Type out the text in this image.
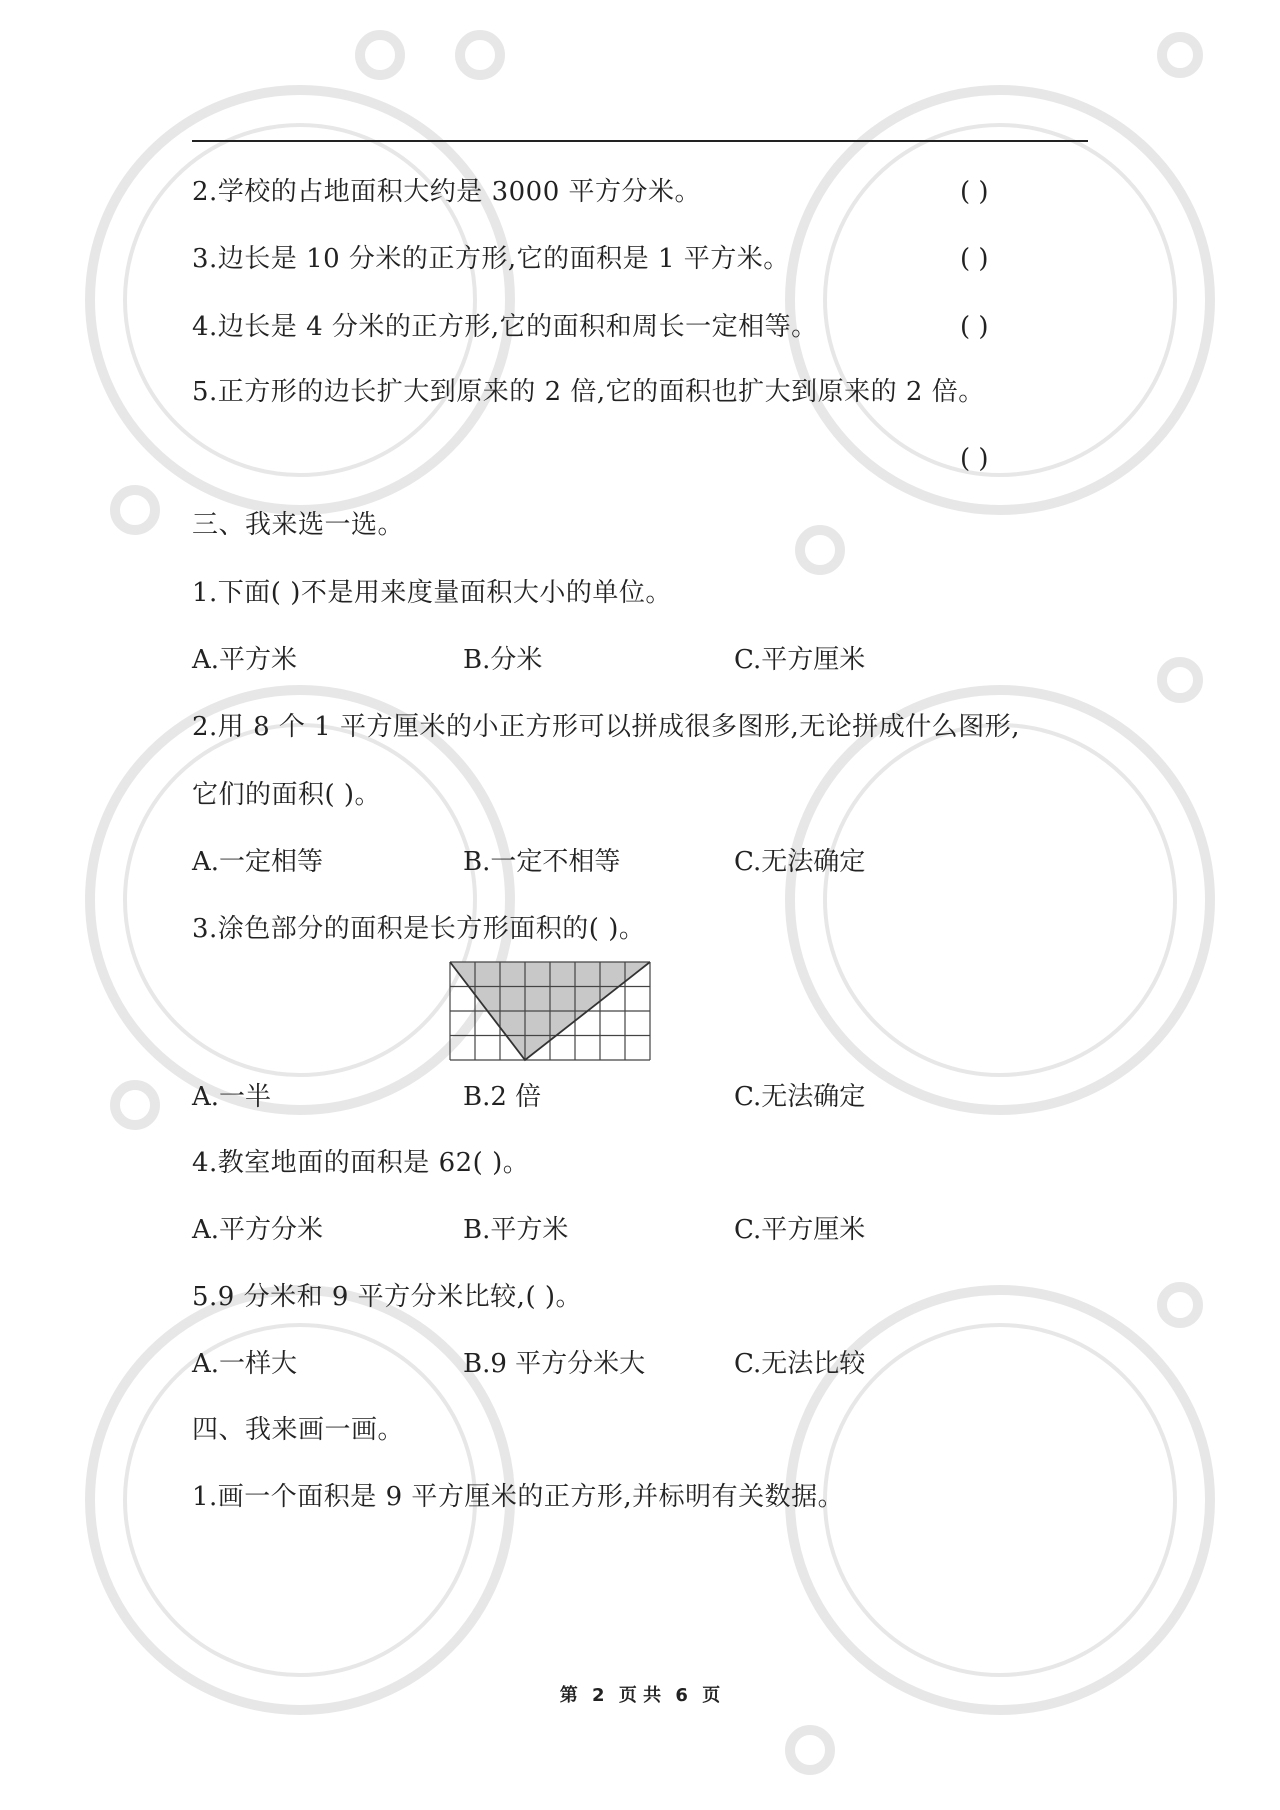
2.学校的占地面积大约是 3000 平方分米。	( )
3.边长是 10 分米的正方形,它的面积是 1 平方米。	( )
4.边长是 4 分米的正方形,它的面积和周长一定相等。	( )
5.正方形的边长扩大到原来的 2 倍,它的面积也扩大到原来的 2 倍。
( )
三、我来选一选。
1.下面( )不是用来度量面积大小的单位。
A.平方米	B.分米	C.平方厘米
2.用 8 个 1 平方厘米的小正方形可以拼成很多图形,无论拼成什么图形,
它们的面积( )。
A.一定相等	B.一定不相等	C.无法确定
3.涂色部分的面积是长方形面积的( )。
A.一半	B.2 倍	C.无法确定
4.教室地面的面积是 62( )。
A.平方分米	B.平方米	C.平方厘米
5.9 分米和 9 平方分米比较,( )。
A.一样大	B.9 平方分米大	C.无法比较
四、我来画一画。
1.画一个面积是 9 平方厘米的正方形,并标明有关数据。
第 2 页 共 6 页
